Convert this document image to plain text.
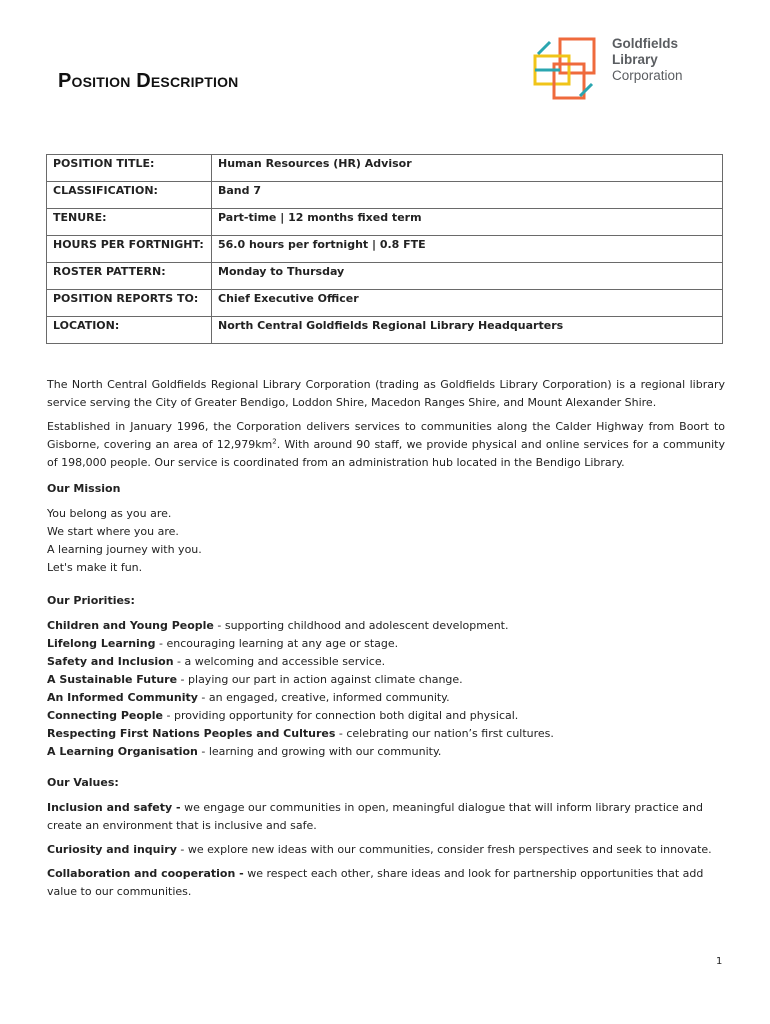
Position Description
Goldfields
Library
Corporation
POSITION TITLE:	Human Resources (HR) Advisor
CLASSIFICATION:	Band 7
TENURE:	Part-time | 12 months fixed term
HOURS PER FORTNIGHT:	56.0 hours per fortnight | 0.8 FTE
ROSTER PATTERN:	Monday to Thursday
POSITION REPORTS TO:	Chief Executive Officer
LOCATION:	North Central Goldfields Regional Library Headquarters

The North Central Goldfields Regional Library Corporation (trading as Goldfields Library Corporation) is a regional library service serving the City of Greater Bendigo, Loddon Shire, Macedon Ranges Shire, and Mount Alexander Shire.

Established in January 1996, the Corporation delivers services to communities along the Calder Highway from Boort to Gisborne, covering an area of $12,979km^2$. With around 90 staff, we provide physical and online services for a community of 198,000 people. Our service is coordinated from an administration hub located in the Bendigo Library.

Our Mission

You belong as you are.

We start where you are.

A learning journey with you.

Let's make it fun.

Our Priorities:

Children and Young People - supporting childhood and adolescent development.

Lifelong Learning - encouraging learning at any age or stage.

Safety and Inclusion - a welcoming and accessible service.

A Sustainable Future - playing our part in action against climate change.

An Informed Community - an engaged, creative, informed community.

Connecting People - providing opportunity for connection both digital and physical.

Respecting First Nations Peoples and Cultures - celebrating our nation’s first cultures.

A Learning Organisation - learning and growing with our community.

Our Values:

Inclusion and safety - we engage our communities in open, meaningful dialogue that will inform library practice and create an environment that is inclusive and safe.

Curiosity and inquiry - we explore new ideas with our communities, consider fresh perspectives and seek to innovate.

Collaboration and cooperation - we respect each other, share ideas and look for partnership opportunities that add value to our communities.

1
